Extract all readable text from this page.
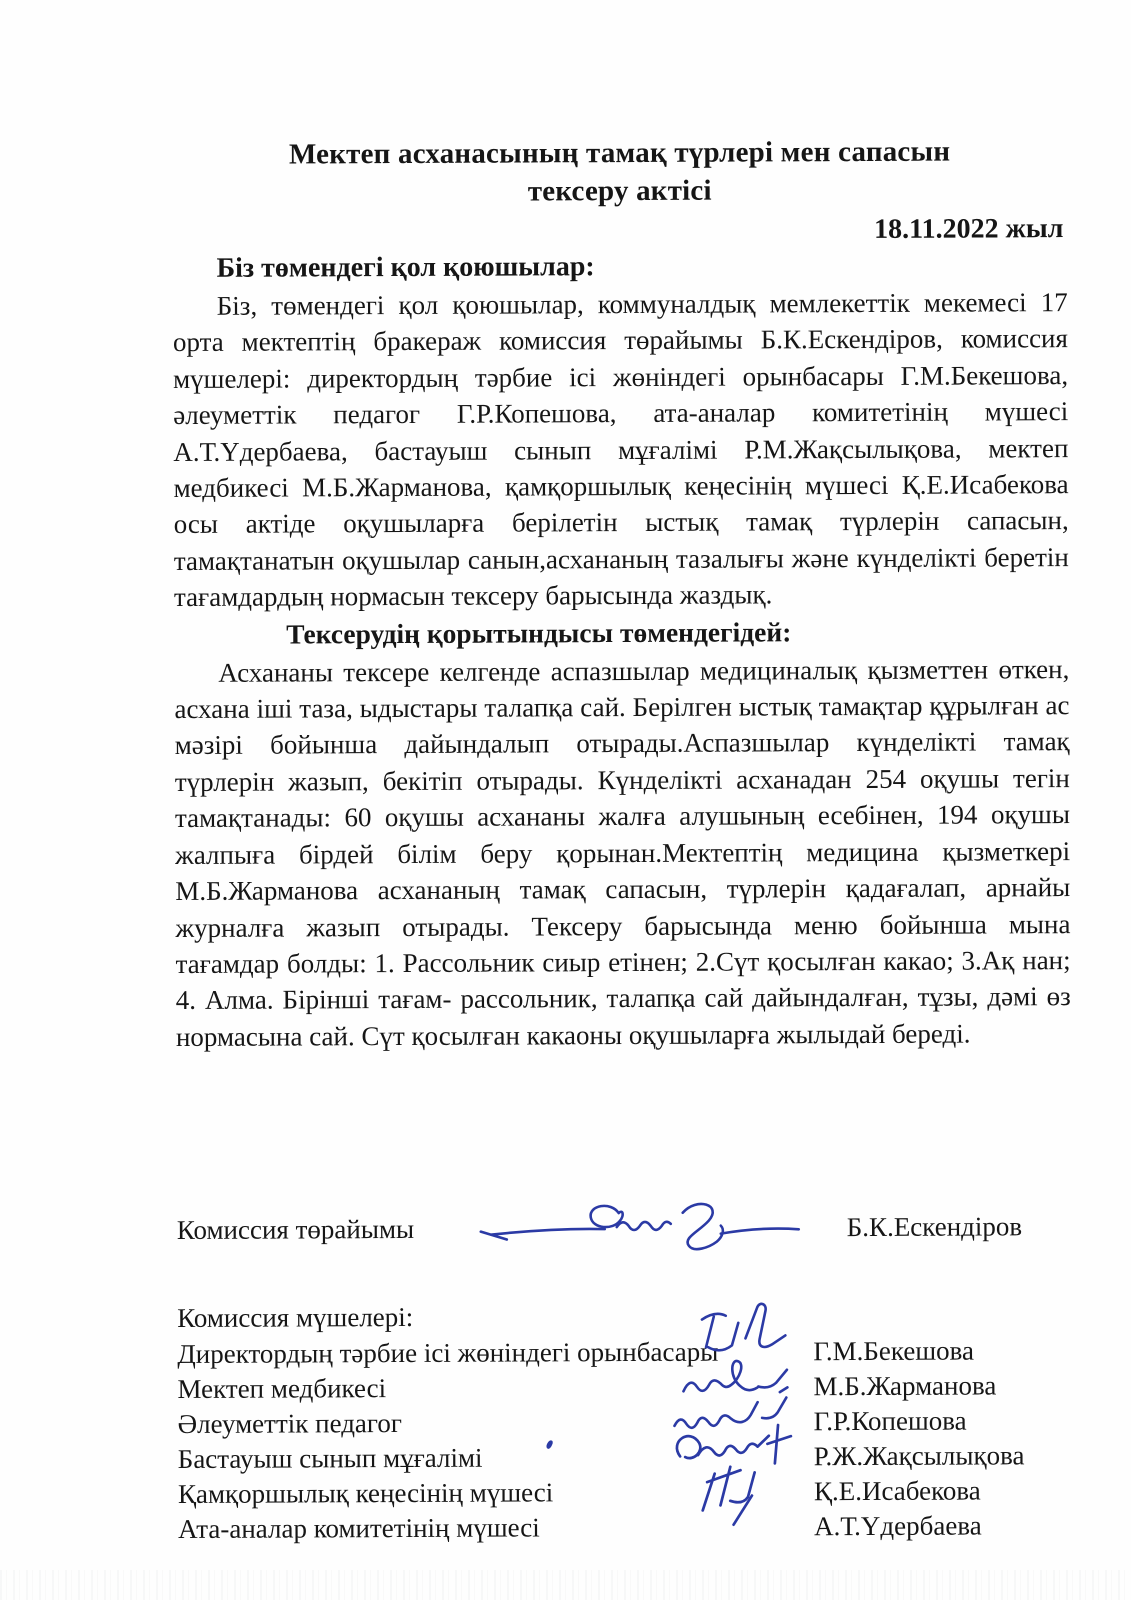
Мектеп асханасының тамақ түрлері мен сапасын
тексеру актісі
18.11.2022 жыл
Біз төмендегі қол қоюшылар:

Біз, төмендегі қол қоюшылар, коммуналдық мемлекеттік мекемесі 17 орта мектептің бракераж комиссия төрайымы Б.К.Ескендіров, комиссия мүшелері: директордың тәрбие ісі жөніндегі орынбасары Г.М.Бекешова, әлеуметтік педагог Г.Р.Копешова, ата-аналар комитетінің мүшесі А.Т.Үдербаева, бастауыш сынып мұғалімі Р.М.Жақсылықова, мектеп медбикесі М.Б.Жарманова, қамқоршылық кеңесінің мүшесі Қ.Е.Исабекова осы актіде оқушыларға берілетін ыстық тамақ түрлерін сапасын, тамақтанатын оқушылар санын,асхананың тазалығы және күнделікті беретін тағамдардың нормасын тексеру барысында жаздық.

Тексерудің қорытындысы төмендегідей:

Асхананы тексере келгенде аспазшылар медициналық қызметтен өткен, асхана іші таза, ыдыстары талапқа сай. Берілген ыстық тамақтар құрылған ас мәзірі бойынша дайындалып отырады.Аспазшылар күнделікті тамақ түрлерін жазып, бекітіп отырады. Күнделікті асханадан 254 оқушы тегін тамақтанады: 60 оқушы асхананы жалға алушының есебінен, 194 оқушы жалпыға бірдей білім беру қорынан.Мектептің медицина қызметкері М.Б.Жарманова асхананың тамақ сапасын, түрлерін қадағалап, арнайы журналға жазып отырады. Тексеру барысында меню бойынша мына тағамдар болды: 1. Рассольник сиыр етінен; 2.Сүт қосылған какао; 3.Ақ нан; 4. Алма. Бірінші тағам- рассольник, талапқа сай дайындалған, тұзы, дәмі өз нормасына сай. Сүт қосылған какаоны оқушыларға жылыдай береді.

Комиссия төрайымы	Б.К.Ескендіров
Комиссия мүшелері:
Директордың тәрбие ісі жөніндегі орынбасары	Г.М.Бекешова
Мектеп медбикесі	М.Б.Жарманова
Әлеуметтік педагог	Г.Р.Копешова
Бастауыш сынып мұғалімі	Р.Ж.Жақсылықова
Қамқоршылық кеңесінің мүшесі	Қ.Е.Исабекова
Ата-аналар комитетінің мүшесі	А.Т.Үдербаева
